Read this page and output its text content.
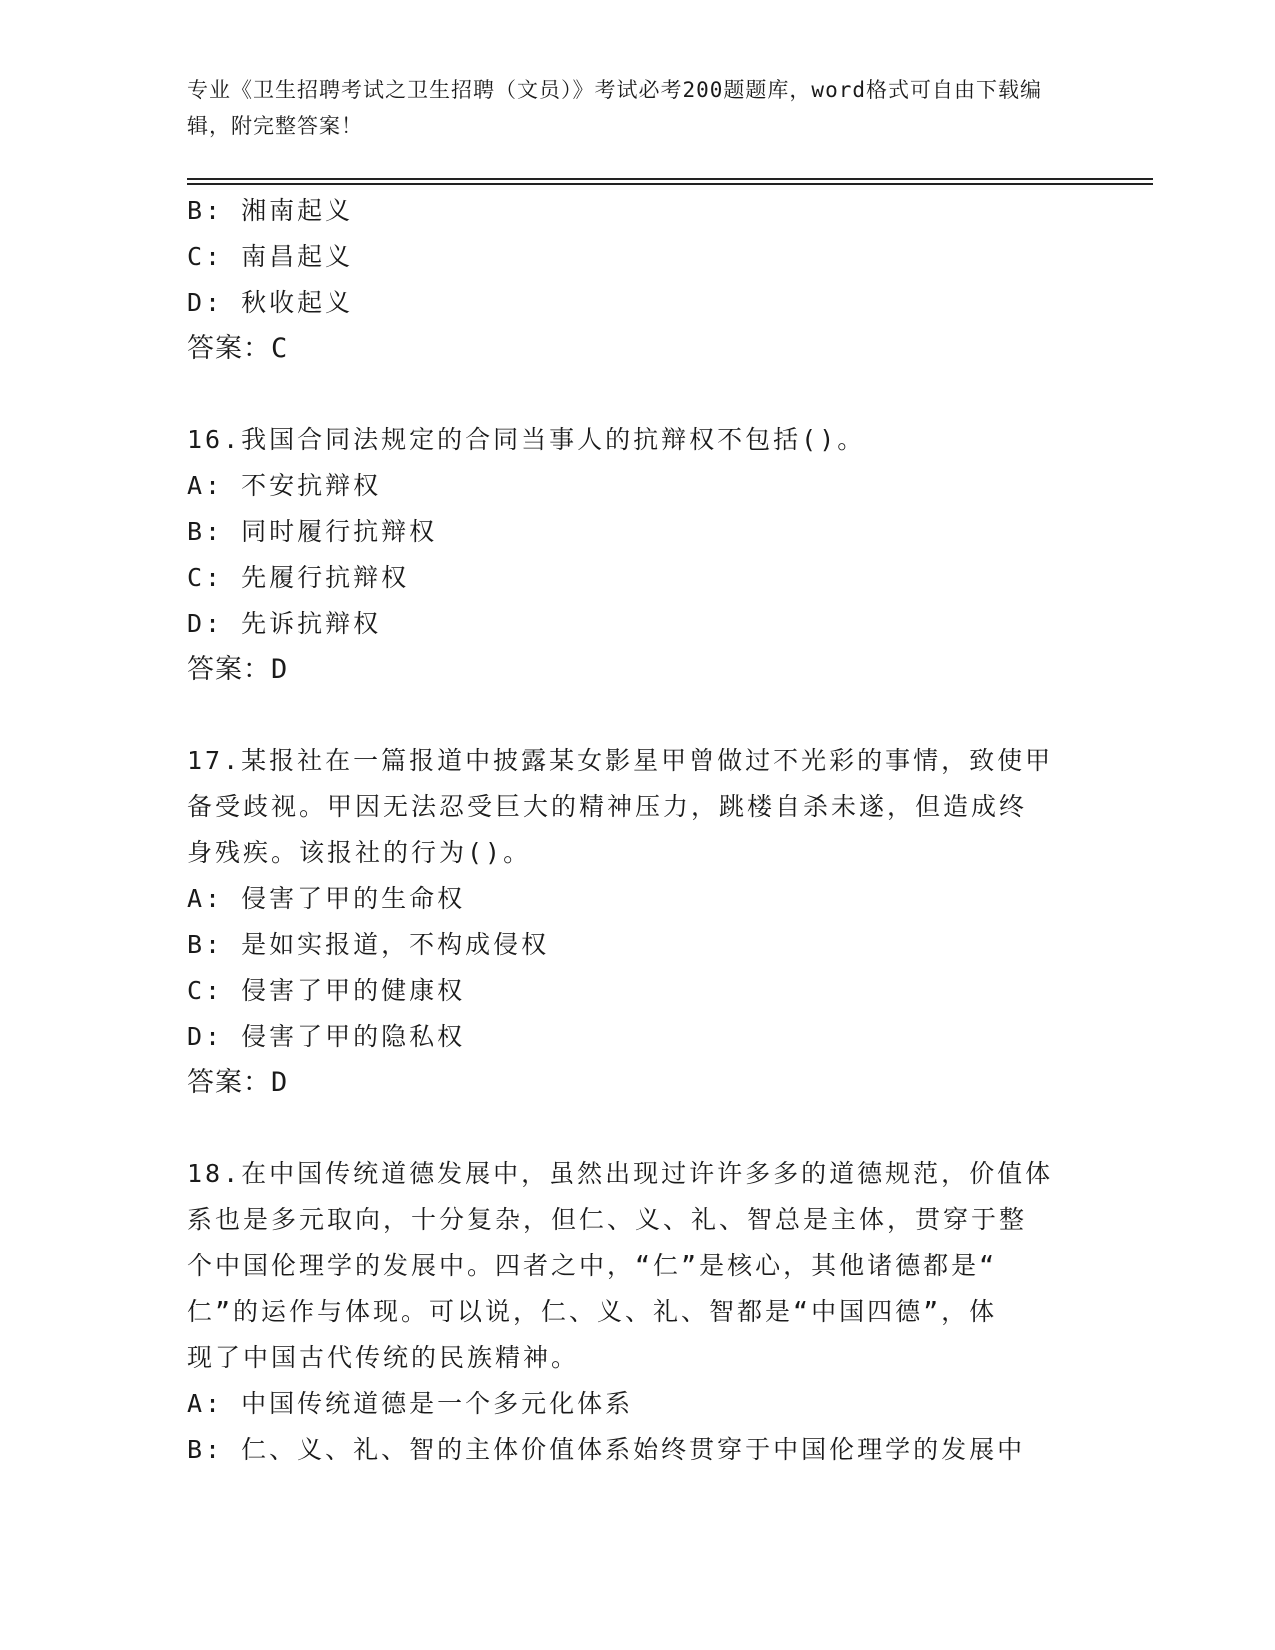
专业《卫生招聘考试之卫生招聘（文员）》考试必考200题题库，word格式可自由下载编辑，附完整答案！
B: 湘南起义
C: 南昌起义
D: 秋收起义
答案：C
16.我国合同法规定的合同当事人的抗辩权不包括()。
A: 不安抗辩权
B: 同时履行抗辩权
C: 先履行抗辩权
D: 先诉抗辩权
答案：D
17.某报社在一篇报道中披露某女影星甲曾做过不光彩的事情，致使甲
备受歧视。甲因无法忍受巨大的精神压力，跳楼自杀未遂，但造成终
身残疾。该报社的行为()。
A: 侵害了甲的生命权
B: 是如实报道，不构成侵权
C: 侵害了甲的健康权
D: 侵害了甲的隐私权
答案：D
18.在中国传统道德发展中，虽然出现过许许多多的道德规范，价值体
系也是多元取向，十分复杂，但仁、义、礼、智总是主体，贯穿于整
个中国伦理学的发展中。四者之中，“仁”是核心，其他诸德都是“
仁”的运作与体现。可以说，仁、义、礼、智都是“中国四德”，体
现了中国古代传统的民族精神。
A: 中国传统道德是一个多元化体系
B: 仁、义、礼、智的主体价值体系始终贯穿于中国伦理学的发展中
